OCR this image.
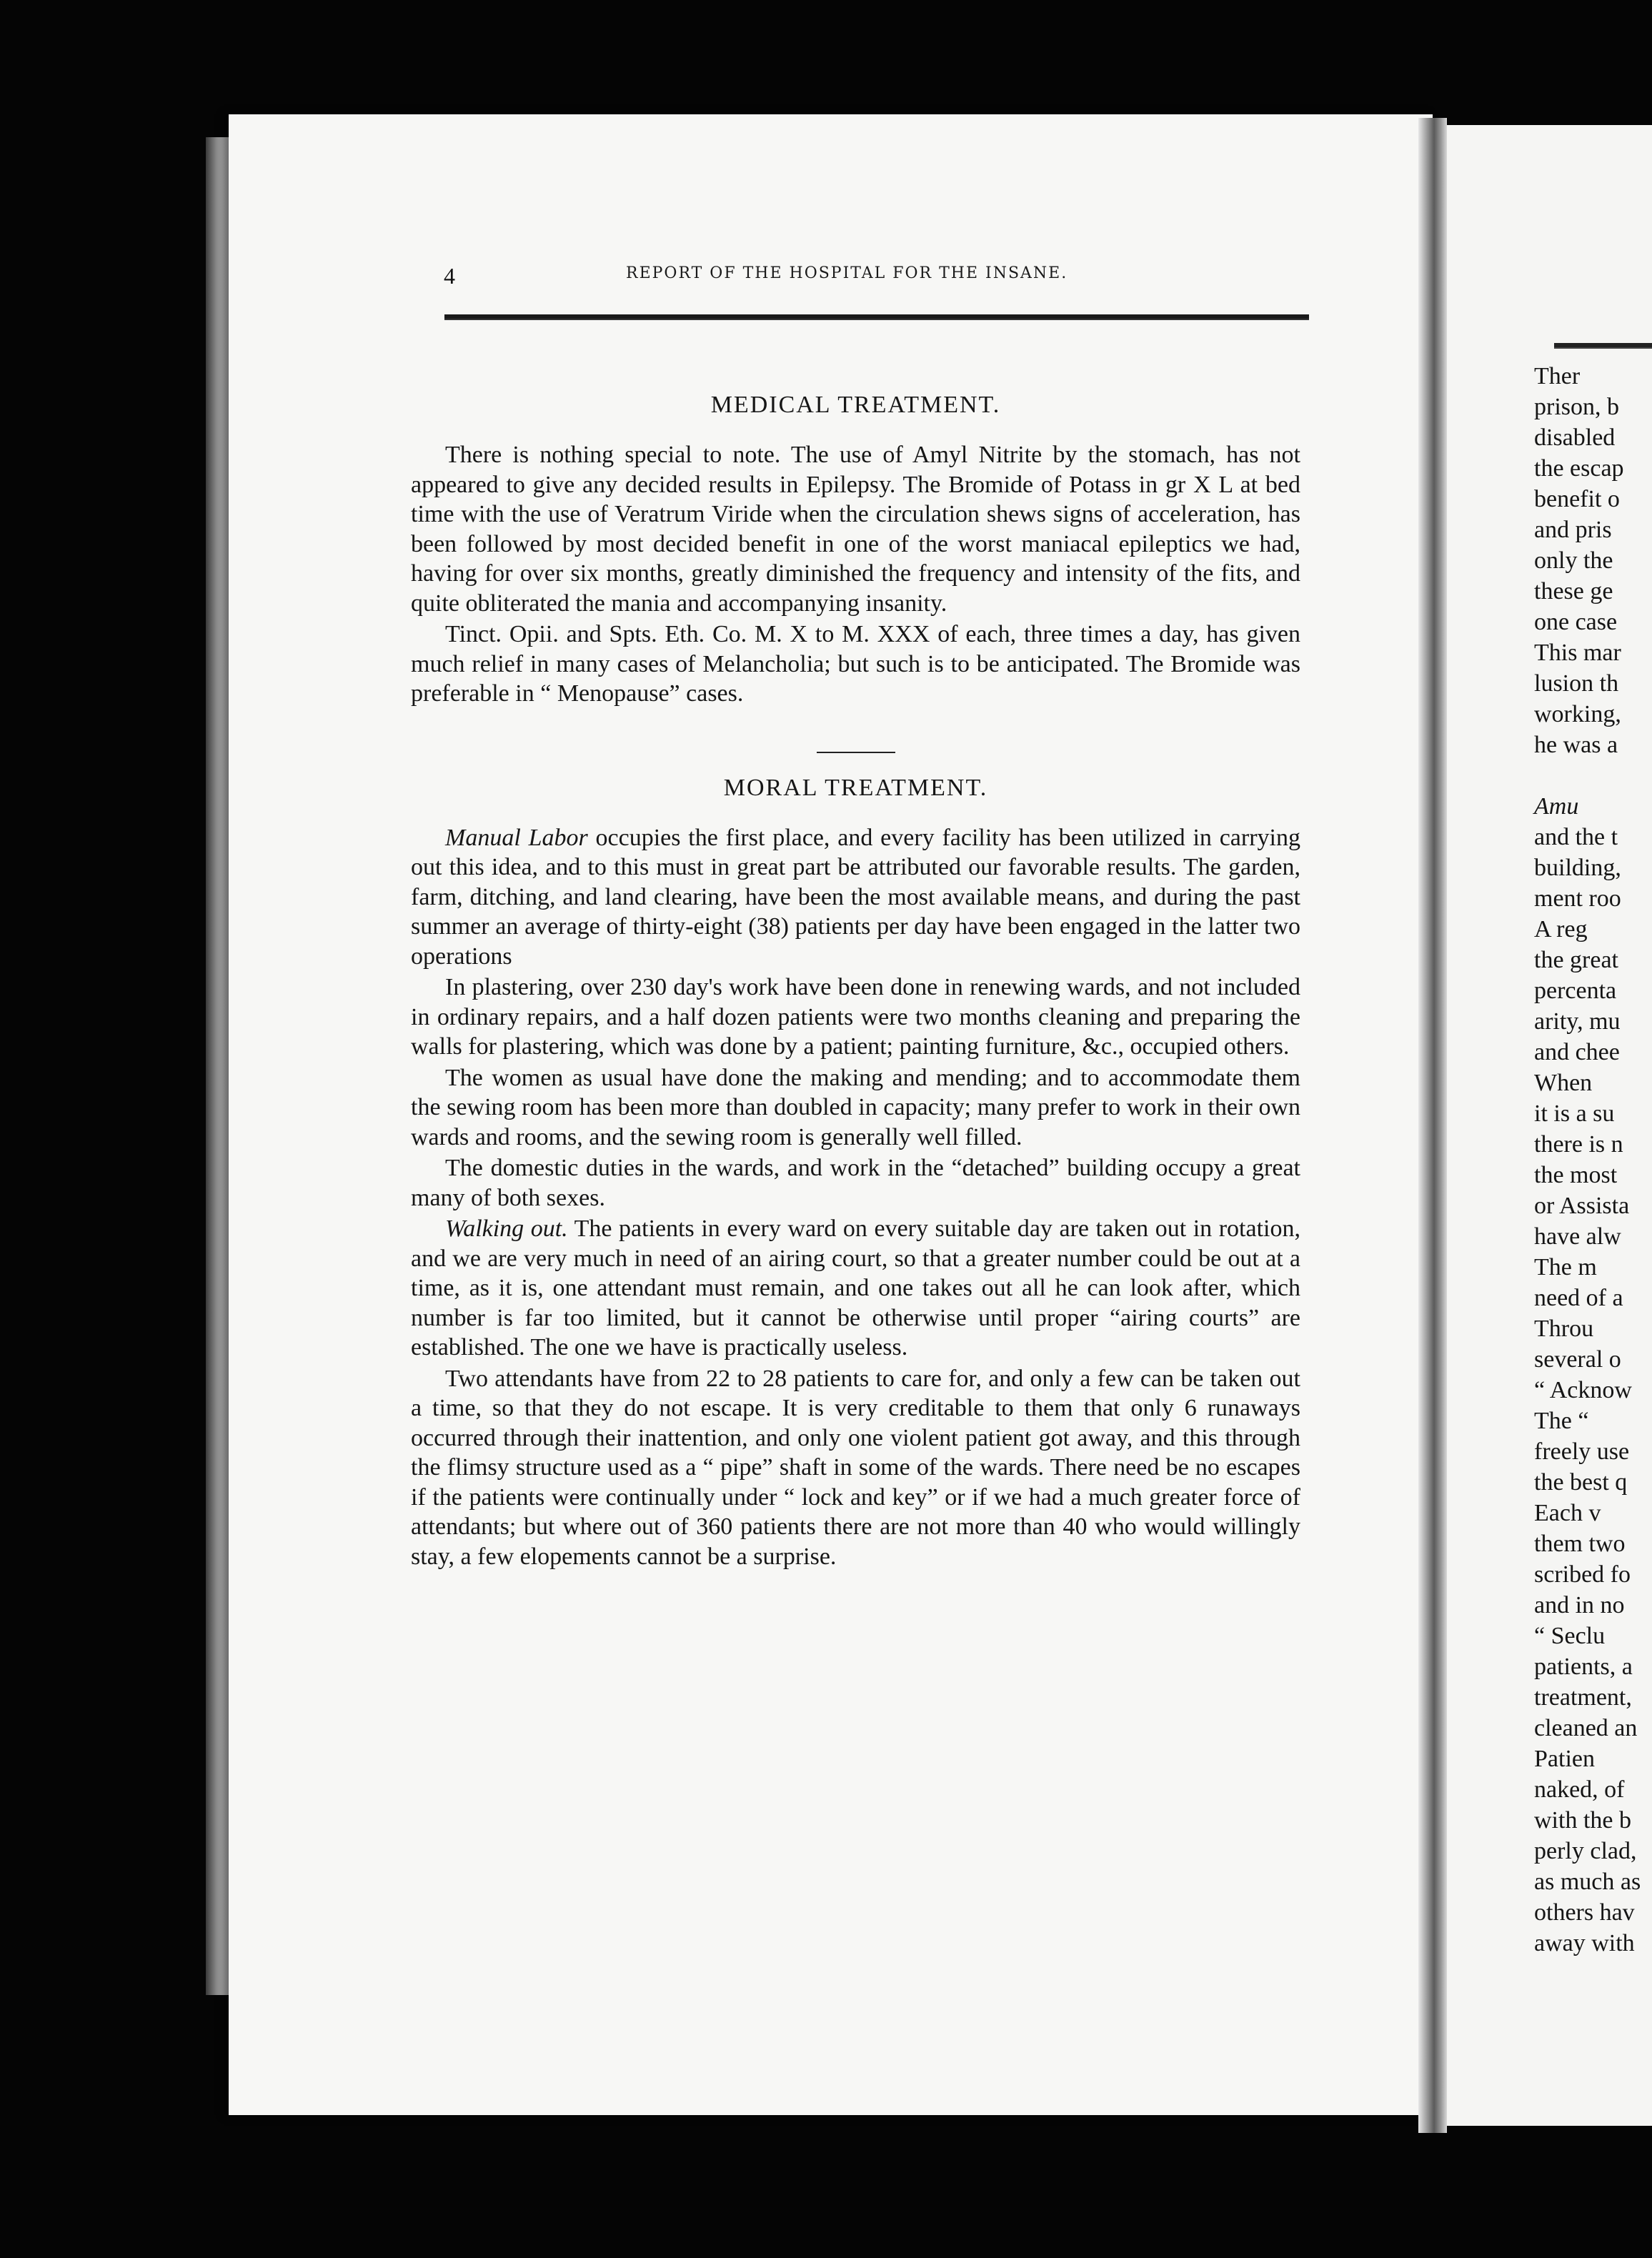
Ther
prison, b
disabled
the escap
benefit o
and pris
only the
these ge
one case
This mar
lusion th
working,
he was a
Amu
and the t
building,
ment roo
A reg
the great
percenta
arity, mu
and chee
When
it is a su
there is n
the most
or Assista
have alw
The m
need of a
Throu
several o
“ Acknow
The “
freely use
the best q
Each v
them two
scribed fo
and in no
“ Seclu
patients, a
treatment,
cleaned an
Patien
naked, of
with the b
perly clad,
as much as
others hav
away with
4	REPORT OF THE HOSPITAL FOR THE INSANE.
MEDICAL TREATMENT.

There is nothing special to note. The use of Amyl Nitrite by the stomach, has not appeared to give any decided results in Epilepsy. The Bromide of Potass in gr X L at bed time with the use of Veratrum Viride when the circulation shews signs of acceleration, has been followed by most decided benefit in one of the worst maniacal epileptics we had, having for over six months, greatly diminished the frequency and intensity of the fits, and quite obliterated the mania and accompanying insanity.

Tinct. Opii. and Spts. Eth. Co. M. X to M. XXX of each, three times a day, has given much relief in many cases of Melancholia; but such is to be anticipated. The Bromide was preferable in “ Menopause” cases.

MORAL TREATMENT.

Manual Labor occupies the first place, and every facility has been utilized in carrying out this idea, and to this must in great part be attributed our favorable results. The garden, farm, ditching, and land clearing, have been the most available means, and during the past summer an average of thirty-eight (38) patients per day have been engaged in the latter two operations

In plastering, over 230 day's work have been done in renewing wards, and not included in ordinary repairs, and a half dozen patients were two months cleaning and preparing the walls for plastering, which was done by a patient; painting furniture, &c., occupied others.

The women as usual have done the making and mending; and to accommodate them the sewing room has been more than doubled in capacity; many prefer to work in their own wards and rooms, and the sewing room is generally well filled.

The domestic duties in the wards, and work in the “detached” building occupy a great many of both sexes.

Walking out. The patients in every ward on every suitable day are taken out in rotation, and we are very much in need of an airing court, so that a greater number could be out at a time, as it is, one attendant must remain, and one takes out all he can look after, which number is far too limited, but it cannot be otherwise until proper “airing courts” are established. The one we have is practically useless.

Two attendants have from 22 to 28 patients to care for, and only a few can be taken out a time, so that they do not escape. It is very creditable to them that only 6 runaways occurred through their inattention, and only one violent patient got away, and this through the flimsy structure used as a “ pipe” shaft in some of the wards. There need be no escapes if the patients were continually under “ lock and key” or if we had a much greater force of attendants; but where out of 360 patients there are not more than 40 who would willingly stay, a few elopements cannot be a surprise.
